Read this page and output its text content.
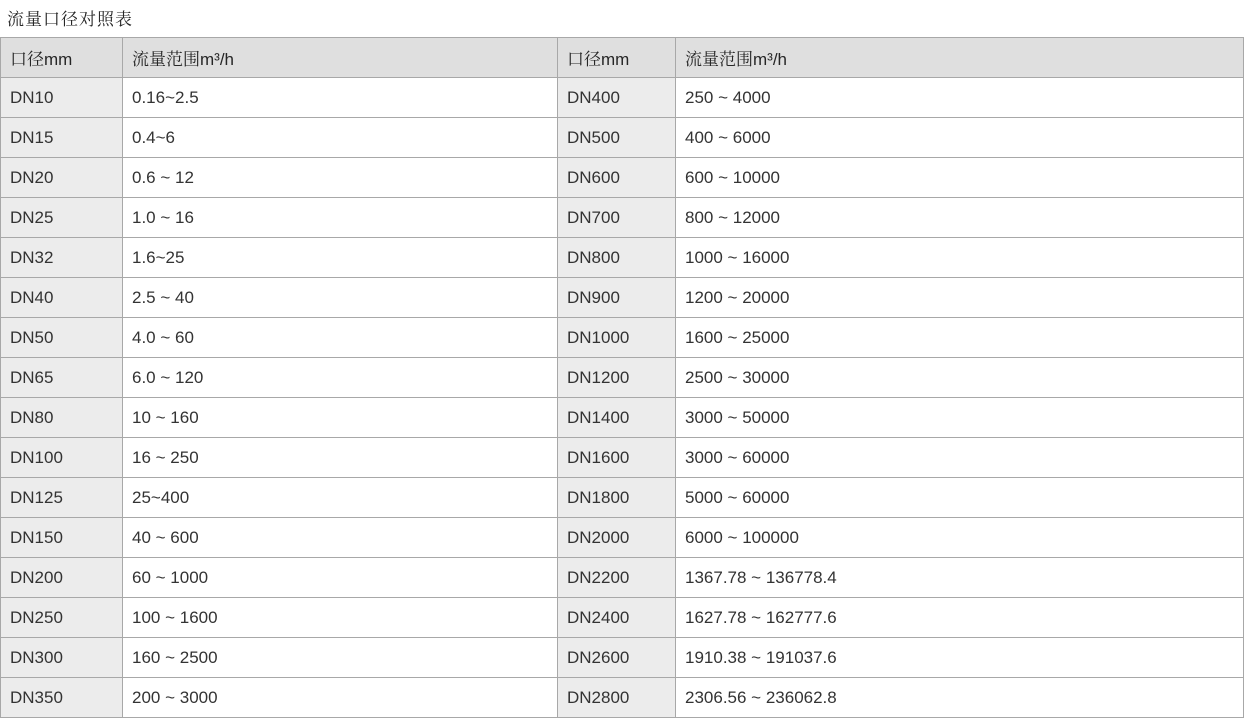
流量口径对照表
口径mm	流量范围m³/h	口径mm	流量范围m³/h
DN10	0.16~2.5	DN400	250 ~ 4000
DN15	0.4~6	DN500	400 ~ 6000
DN20	0.6 ~ 12	DN600	600 ~ 10000
DN25	1.0 ~ 16	DN700	800 ~ 12000
DN32	1.6~25	DN800	1000 ~ 16000
DN40	2.5 ~ 40	DN900	1200 ~ 20000
DN50	4.0 ~ 60	DN1000	1600 ~ 25000
DN65	6.0 ~ 120	DN1200	2500 ~ 30000
DN80	10 ~ 160	DN1400	3000 ~ 50000
DN100	16 ~ 250	DN1600	3000 ~ 60000
DN125	25~400	DN1800	5000 ~ 60000
DN150	40 ~ 600	DN2000	6000 ~ 100000
DN200	60 ~ 1000	DN2200	1367.78 ~ 136778.4
DN250	100 ~ 1600	DN2400	1627.78 ~ 162777.6
DN300	160 ~ 2500	DN2600	1910.38 ~ 191037.6
DN350	200 ~ 3000	DN2800	2306.56 ~ 236062.8
